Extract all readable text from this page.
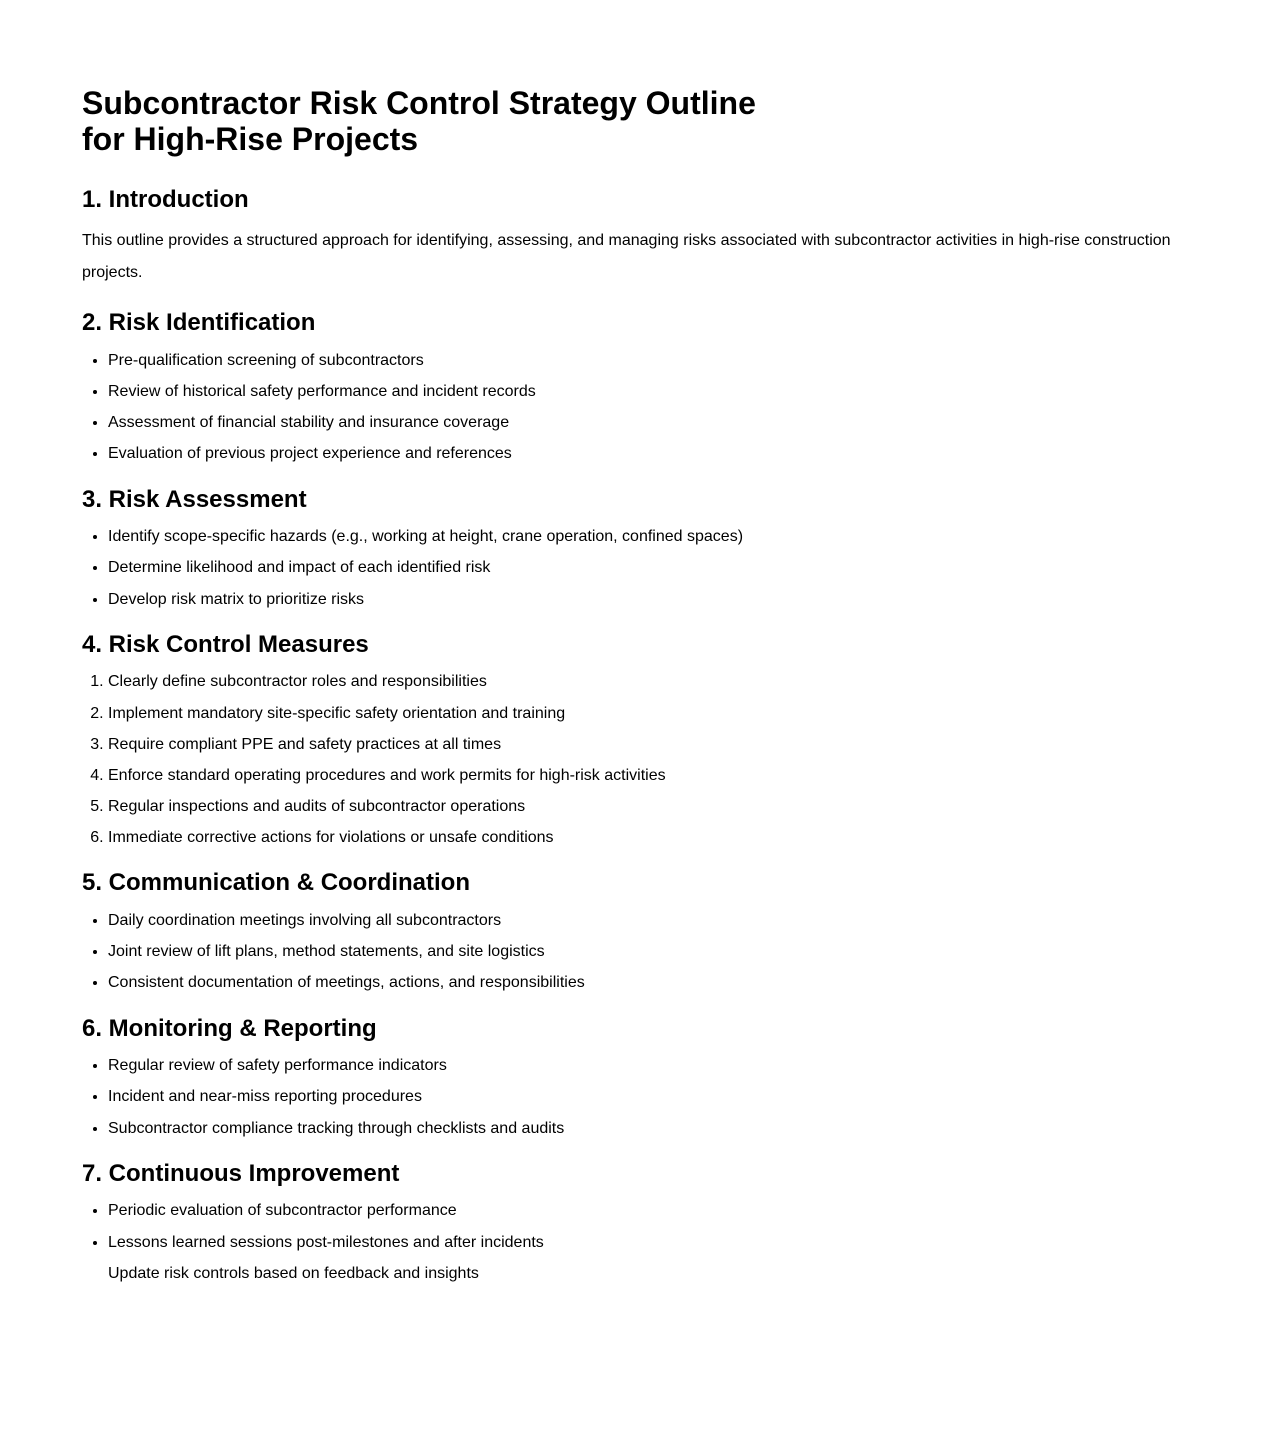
Subcontractor Risk Control Strategy Outline
for High-Rise Projects
1. Introduction

This outline provides a structured approach for identifying, assessing, and managing risks associated with subcontractor activities in high-rise construction
projects.

2. Risk Identification
• Pre-qualification screening of subcontractors
• Review of historical safety performance and incident records
• Assessment of financial stability and insurance coverage
• Evaluation of previous project experience and references
3. Risk Assessment
• Identify scope-specific hazards (e.g., working at height, crane operation, confined spaces)
• Determine likelihood and impact of each identified risk
• Develop risk matrix to prioritize risks
4. Risk Control Measures
1. Clearly define subcontractor roles and responsibilities
2. Implement mandatory site-specific safety orientation and training
3. Require compliant PPE and safety practices at all times
4. Enforce standard operating procedures and work permits for high-risk activities
5. Regular inspections and audits of subcontractor operations
6. Immediate corrective actions for violations or unsafe conditions
5. Communication & Coordination
• Daily coordination meetings involving all subcontractors
• Joint review of lift plans, method statements, and site logistics
• Consistent documentation of meetings, actions, and responsibilities
6. Monitoring & Reporting
• Regular review of safety performance indicators
• Incident and near-miss reporting procedures
• Subcontractor compliance tracking through checklists and audits
7. Continuous Improvement
• Periodic evaluation of subcontractor performance
• Lessons learned sessions post-milestones and after incidents
Update risk controls based on feedback and insights
